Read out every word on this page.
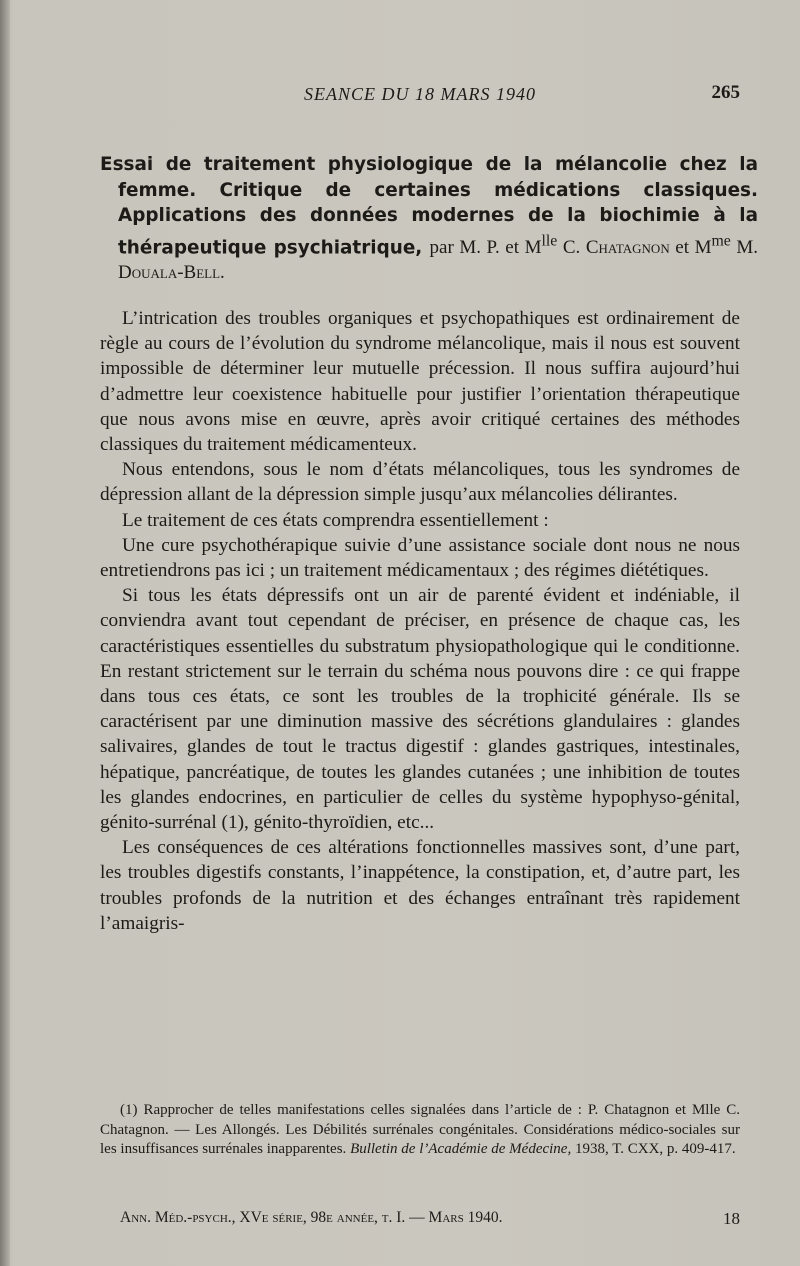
SEANCE DU 18 MARS 1940	265
Essai de traitement physiologique de la mélancolie chez la femme. Critique de certaines médications classiques. Applications des données modernes de la biochimie à la thérapeutique psychiatrique, par M. P. et $M^{lle}$ C. Chatagnon et $M^{me}$ M. Douala-Bell.

L’intrication des troubles organiques et psychopathiques est ordinairement de règle au cours de l’évolution du syndrome mélancolique, mais il nous est souvent impossible de déterminer leur mutuelle précession. Il nous suffira aujourd’hui d’admettre leur coexistence habituelle pour justifier l’orientation thérapeutique que nous avons mise en œuvre, après avoir critiqué certaines des méthodes classiques du traitement médicamenteux.

Nous entendons, sous le nom d’états mélancoliques, tous les syndromes de dépression allant de la dépression simple jusqu’aux mélancolies délirantes.

Le traitement de ces états comprendra essentiellement :

Une cure psychothérapique suivie d’une assistance sociale dont nous ne nous entretiendrons pas ici ; un traitement médicamentaux ; des régimes diététiques.

Si tous les états dépressifs ont un air de parenté évident et indéniable, il conviendra avant tout cependant de préciser, en présence de chaque cas, les caractéristiques essentielles du substratum physiopathologique qui le conditionne. En restant strictement sur le terrain du schéma nous pouvons dire : ce qui frappe dans tous ces états, ce sont les troubles de la trophicité générale. Ils se caractérisent par une diminution massive des sécrétions glandulaires : glandes salivaires, glandes de tout le tractus digestif : glandes gastriques, intestinales, hépatique, pancréatique, de toutes les glandes cutanées ; une inhibition de toutes les glandes endocrines, en particulier de celles du système hypophyso-génital, génito-surrénal (1), génito-thyroïdien, etc...

Les conséquences de ces altérations fonctionnelles massives sont, d’une part, les troubles digestifs constants, l’inappétence, la constipation, et, d’autre part, les troubles profonds de la nutrition et des échanges entraînant très rapidement l’amaigris-

(1) Rapprocher de telles manifestations celles signalées dans l’article de : P. Chatagnon et Mlle C. Chatagnon. — Les Allongés. Les Débilités surrénales congénitales. Considérations médico-sociales sur les insuffisances surrénales inapparentes. Bulletin de l’Académie de Médecine, 1938, T. CXX, p. 409-417.

Ann. Méd.-psych., XVe série, 98e année, t. I. — Mars 1940.	18
